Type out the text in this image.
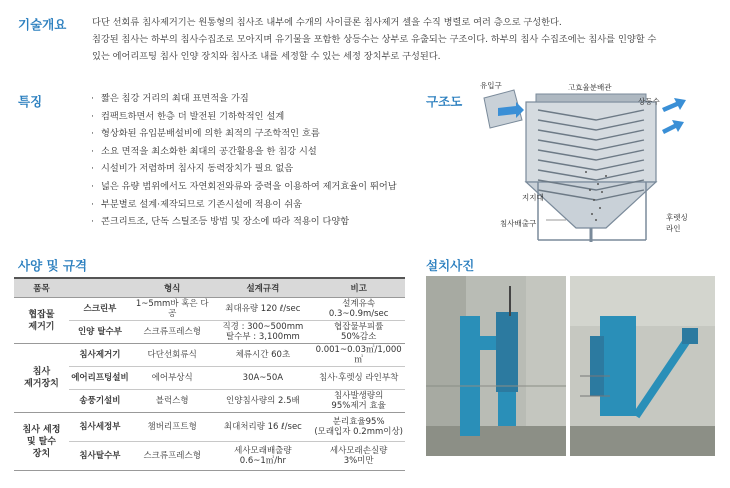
기술개요	다단 선회류 침사제거기는 원통형의 침사조 내부에 수개의 사이클론 침사제거 셀을 수직 병렬로 여러 층으로 구성한다.
침강된 침사는 하부의 침사수집조로 모아지며 유기물을 포함한 상등수는 상부로 유출되는 구조이다. 하부의 침사 수집조에는 침사를 인양할 수
있는 에어리프팅 침사 인양 장치와 침사조 내를 세정할 수 있는 세정 장치부로 구성된다.
특징	· 짧은 침강 거리의 최대 표면적을 가짐
· 컴팩트하면서 한층 더 발전된 기하학적인 설계
· 형상화된 유입분배설비에 의한 최적의 구조학적인 흐름
· 소요 면적을 최소화한 최대의 공간활용을 한 침강 시설
· 시설비가 저렴하며 침사지 동력장치가 필요 없음
· 넓은 유량 범위에서도 자연회전와류와 중력을 이용하여 제거효율이 뛰어남
· 부분별로 설계·제작되므로 기존시설에 적용이 쉬움
· 콘크리트조, 단독 스틸조등 방법 및 장소에 따라 적용이 다양함
구조도
유입구	고효율분배관
상등수
지지대
침사배출구
후렛싱
라인
사양 및 규격
품목		형식	설계규격	비고
협잡물
제거기	스크린부	1~5mm바 혹은 다공	최대유량 120 ℓ/sec	설계유속 0.3~0.9m/sec
	인양 탈수부	스크류프레스형	직경 : 300~500mm
탈수부 : 3,100mm	협잡물부피률
50%감소
침사
제거장치	침사제거기	다단선회류식	체류시간 60초	0.001~0.03㎥/1,000㎥
	에어리프팅설비	에어부상식	30A~50A	침사·후렛싱 라인부착
	송풍기설비	블럭스형	인양침사량의 2.5배	침사발생량의
95%제거 효율
침사 세정
및 탈수
장치	침사세정부	챔버리프트형	최대처리량 16 ℓ/sec	분리효율95%
(모래입자 0.2mm이상)
	침사탈수부	스크류프레스형	세사모래배출량
0.6~1㎥/hr	세사모래손실량
3%미만
설치사진
